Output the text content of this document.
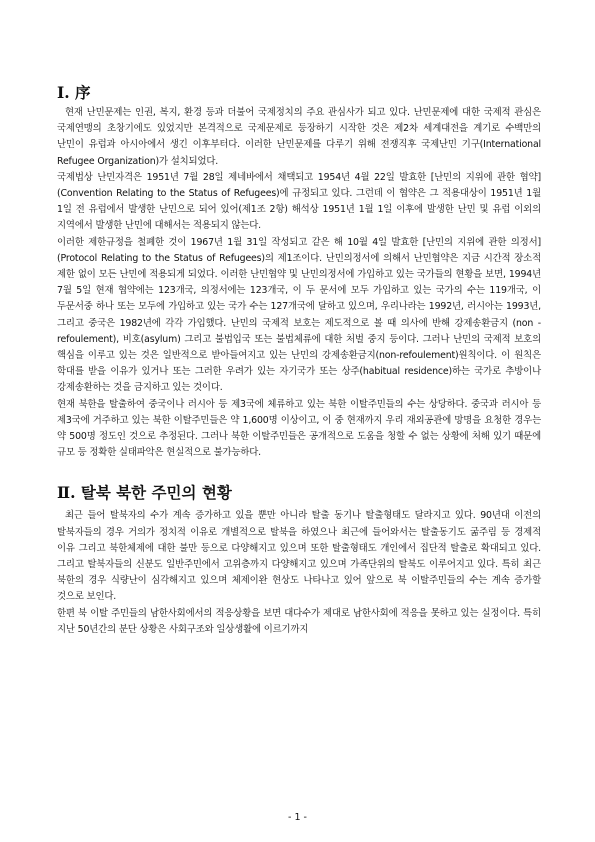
Ⅰ. 序

현재 난민문제는 인권, 복지, 환경 등과 더불어 국제정치의 주요 관심사가 되고 있다. 난민문제에 대한 국제적 관심은 국제연맹의 초창기에도 있었지만 본격적으로 국제문제로 등장하기 시작한 것은 제2차 세계대전을 계기로 수백만의 난민이 유럽과 아시아에서 생긴 이후부터다. 이러한 난민문제를 다루기 위해 전쟁직후 국제난민 기구(International Refugee Organization)가 설치되었다.

국제법상 난민자격은 1951년 7월 28일 제네바에서 채택되고 1954년 4월 22일 발효한 [난민의 지위에 관한 협약](Convention Relating to the Status of Refugees)에 규정되고 있다. 그런데 이 협약은 그 적용대상이 1951년 1월 1일 전 유럽에서 발생한 난민으로 되어 있어(제1조 2항) 해석상 1951년 1월 1일 이후에 발생한 난민 및 유럽 이외의 지역에서 발생한 난민에 대해서는 적용되지 않는다.

이러한 제한규정을 철폐한 것이 1967년 1월 31일 작성되고 같은 해 10월 4일 발효한 [난민의 지위에 관한 의정서](Protocol Relating to the Status of Refugees)의 제1조이다. 난민의정서에 의해서 난민협약은 지금 시간적 장소적 제한 없이 모든 난민에 적용되게 되었다. 이러한 난민협약 및 난민의정서에 가입하고 있는 국가들의 현황을 보면, 1994년 7월 5일 현재 협약에는 123개국, 의정서에는 123개국, 이 두 문서에 모두 가입하고 있는 국가의 수는 119개국, 이 두문서중 하나 또는 모두에 가입하고 있는 국가 수는 127개국에 달하고 있으며, 우리나라는 1992년, 러시아는 1993년, 그리고 중국은 1982년에 각각 가입했다. 난민의 국제적 보호는 제도적으로 볼 때 의사에 반해 강제송환금지 (non - refoulement), 비호(asylum) 그리고 불법입국 또는 불법체류에 대한 처벌 중지 등이다. 그러나 난민의 국제적 보호의 핵심을 이루고 있는 것은 일반적으로 받아들여지고 있는 난민의 강제송환금지(non-refoulement)원칙이다. 이 원칙은 학대를 받을 이유가 있거나 또는 그러한 우려가 있는 자기국가 또는 상주(habitual residence)하는 국가로 추방이나 강제송환하는 것을 금지하고 있는 것이다.

현재 북한을 탈출하여 중국이나 러시아 등 제3국에 체류하고 있는 북한 이탈주민들의 수는 상당하다. 중국과 러시아 등 제3국에 거주하고 있는 북한 이탈주민들은 약 1,600명 이상이고, 이 중 현재까지 우리 재외공관에 망명을 요청한 경우는 약 500명 정도인 것으로 추정된다. 그러나 북한 이탈주민들은 공개적으로 도움을 청할 수 없는 상황에 처해 있기 때문에 규모 등 정확한 실태파악은 현실적으로 불가능하다.

Ⅱ. 탈북 북한 주민의 현황

최근 들어 탈북자의 수가 계속 증가하고 있을 뿐만 아니라 탈출 동기나 탈출형태도 달라지고 있다. 90년대 이전의 탈북자들의 경우 거의가 정치적 이유로 개별적으로 탈북을 하였으나 최근에 들어와서는 탈출동기도 굶주림 등 경제적 이유 그리고 북한체제에 대한 불만 등으로 다양해지고 있으며 또한 탈출형태도 개인에서 집단적 탈출로 확대되고 있다. 그리고 탈북자들의 신분도 일반주민에서 고위층까지 다양해지고 있으며 가족단위의 탈북도 이루어지고 있다. 특히 최근 북한의 경우 식량난이 심각해지고 있으며 체제이완 현상도 나타나고 있어 앞으로 북 이탈주민들의 수는 계속 증가할 것으로 보인다.

한편 북 이탈 주민들의 남한사회에서의 적응상황을 보면 대다수가 제대로 남한사회에 적응을 못하고 있는 실정이다. 특히 지난 50년간의 분단 상황은 사회구조와 일상생활에 이르기까지

- 1 -
